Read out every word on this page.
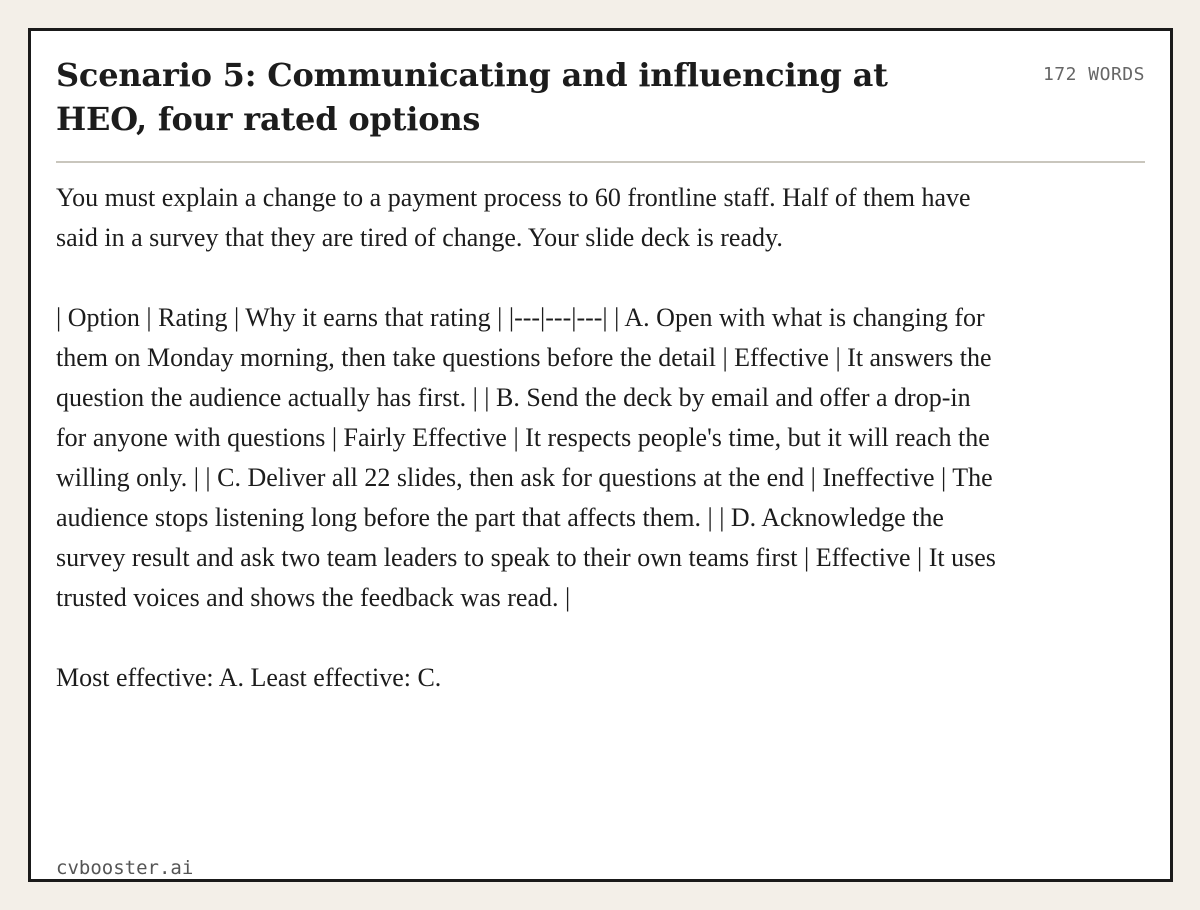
Scenario 5: Communicating and influencing at HEO, four rated options
172 WORDS

You must explain a change to a payment process to 60 frontline staff. Half of them have said in a survey that they are tired of change. Your slide deck is ready.

| Option | Rating | Why it earns that rating | |---|---|---| | A. Open with what is changing for them on Monday morning, then take questions before the detail | Effective | It answers the question the audience actually has first. | | B. Send the deck by email and offer a drop-in for anyone with questions | Fairly Effective | It respects people's time, but it will reach the willing only. | | C. Deliver all 22 slides, then ask for questions at the end | Ineffective | The audience stops listening long before the part that affects them. | | D. Acknowledge the survey result and ask two team leaders to speak to their own teams first | Effective | It uses trusted voices and shows the feedback was read. |

Most effective: A. Least effective: C.

cvbooster.ai
